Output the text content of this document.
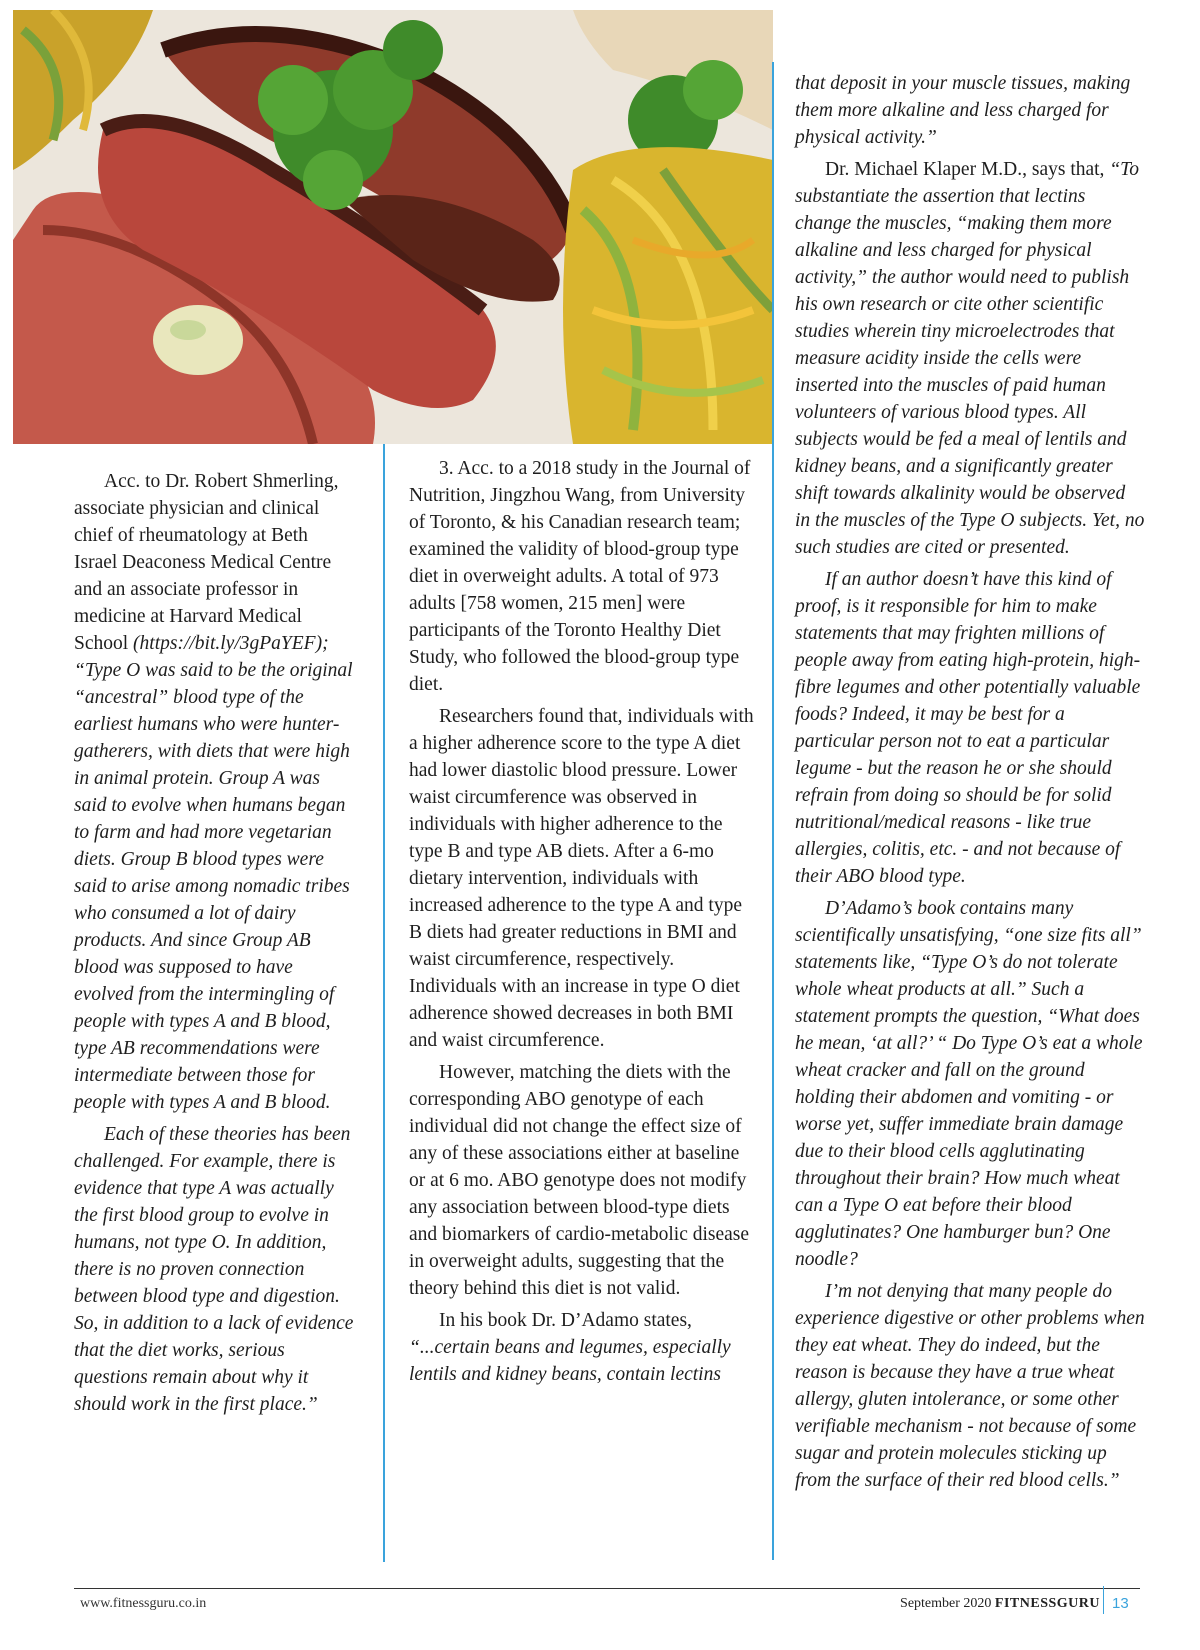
Acc. to Dr. Robert Shmerling, associate physician and clinical chief of rheumatology at Beth Israel Deaconess Medical Centre and an associate professor in medicine at Harvard Medical School (https://bit.ly/3gPaYEF); “Type O was said to be the original “ancestral” blood type of the earliest humans who were hunter-gatherers, with diets that were high in animal protein. Group A was said to evolve when humans began to farm and had more vegetarian diets. Group B blood types were said to arise among nomadic tribes who consumed a lot of dairy products. And since Group AB blood was supposed to have evolved from the intermingling of people with types A and B blood, type AB recommendations were intermediate between those for people with types A and B blood.

Each of these theories has been challenged. For example, there is evidence that type A was actually the first blood group to evolve in humans, not type O. In addition, there is no proven connection between blood type and digestion. So, in addition to a lack of evidence that the diet works, serious questions remain about why it should work in the first place.”

3. Acc. to a 2018 study in the Journal of Nutrition, Jingzhou Wang, from University of Toronto, & his Canadian research team; examined the validity of blood-group type diet in overweight adults. A total of 973 adults [758 women, 215 men] were participants of the Toronto Healthy Diet Study, who followed the blood-group type diet.

Researchers found that, individuals with a higher adherence score to the type A diet had lower diastolic blood pressure. Lower waist circumference was observed in individuals with higher adherence to the type B and type AB diets. After a 6-mo dietary intervention, individuals with increased adherence to the type A and type B diets had greater reductions in BMI and waist circumference, respectively. Individuals with an increase in type O diet adherence showed decreases in both BMI and waist circumference.

However, matching the diets with the corresponding ABO genotype of each individual did not change the effect size of any of these associations either at baseline or at 6 mo. ABO genotype does not modify any association between blood-type diets and biomarkers of cardio-metabolic disease in overweight adults, suggesting that the theory behind this diet is not valid.

In his book Dr. D’Adamo states, “...certain beans and legumes, especially lentils and kidney beans, contain lectins

that deposit in your muscle tissues, making them more alkaline and less charged for physical activity.”

Dr. Michael Klaper M.D., says that, “To substantiate the assertion that lectins change the muscles, “making them more alkaline and less charged for physical activity,” the author would need to publish his own research or cite other scientific studies wherein tiny microelectrodes that measure acidity inside the cells were inserted into the muscles of paid human volunteers of various blood types. All subjects would be fed a meal of lentils and kidney beans, and a significantly greater shift towards alkalinity would be observed in the muscles of the Type O subjects. Yet, no such studies are cited or presented.

If an author doesn’t have this kind of proof, is it responsible for him to make statements that may frighten millions of people away from eating high-protein, high-fibre legumes and other potentially valuable foods? Indeed, it may be best for a particular person not to eat a particular legume - but the reason he or she should refrain from doing so should be for solid nutritional/medical reasons - like true allergies, colitis, etc. - and not because of their ABO blood type.

D’Adamo’s book contains many scientifically unsatisfying, “one size fits all” statements like, “Type O’s do not tolerate whole wheat products at all.” Such a statement prompts the question, “What does he mean, ‘at all?’ “ Do Type O’s eat a whole wheat cracker and fall on the ground holding their abdomen and vomiting - or worse yet, suffer immediate brain damage due to their blood cells agglutinating throughout their brain? How much wheat can a Type O eat before their blood agglutinates? One hamburger bun? One noodle?

I’m not denying that many people do experience digestive or other problems when they eat wheat. They do indeed, but the reason is because they have a true wheat allergy, gluten intolerance, or some other verifiable mechanism - not because of some sugar and protein molecules sticking up from the surface of their red blood cells.”

www.fitnessguru.co.in	September 2020 FITNESSGURU 13
